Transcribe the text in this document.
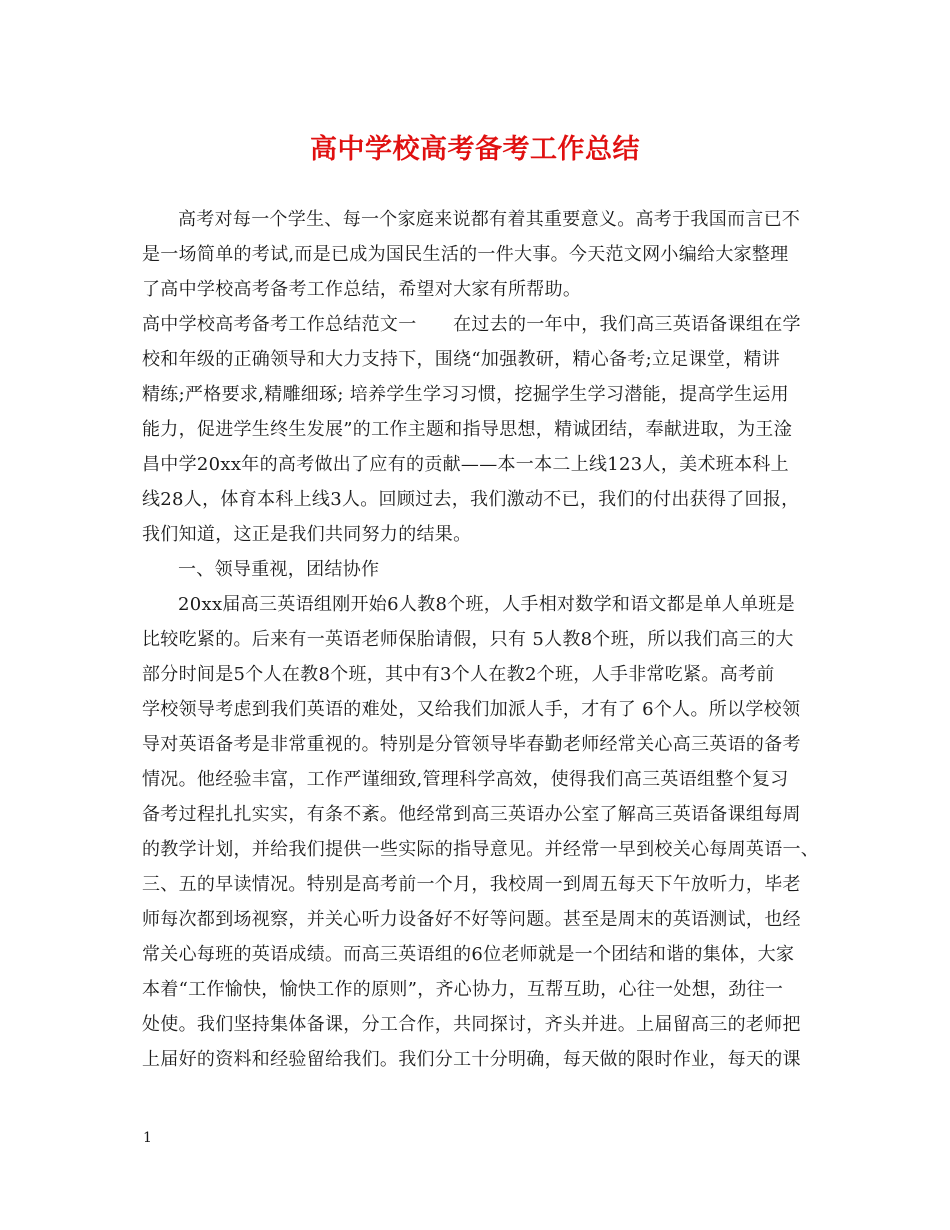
高中学校高考备考工作总结
高考对每一个学生、每一个家庭来说都有着其重要意义。高考于我国而言已不
是一场简单的考试,而是已成为国民生活的一件大事。今天范文网小编给大家整理
了高中学校高考备考工作总结，希望对大家有所帮助。
高中学校高考备考工作总结范文一　　在过去的一年中，我们高三英语备课组在学
校和年级的正确领导和大力支持下，围绕“加强教研，精心备考;立足课堂，精讲
精练;严格要求,精雕细琢; 培养学生学习习惯，挖掘学生学习潜能，提高学生运用
能力，促进学生终生发展”的工作主题和指导思想，精诚团结，奉献进取，为王淦
昌中学20xx年的高考做出了应有的贡献——本一本二上线123人，美术班本科上
线28人，体育本科上线3人。回顾过去，我们激动不已，我们的付出获得了回报，
我们知道，这正是我们共同努力的结果。
一、领导重视，团结协作
20xx届高三英语组刚开始6人教8个班，人手相对数学和语文都是单人单班是
比较吃紧的。后来有一英语老师保胎请假，只有 5人教8个班，所以我们高三的大
部分时间是5个人在教8个班，其中有3个人在教2个班，人手非常吃紧。高考前
学校领导考虑到我们英语的难处，又给我们加派人手，才有了 6个人。所以学校领
导对英语备考是非常重视的。特别是分管领导毕春勤老师经常关心高三英语的备考
情况。他经验丰富，工作严谨细致,管理科学高效，使得我们高三英语组整个复习
备考过程扎扎实实，有条不紊。他经常到高三英语办公室了解高三英语备课组每周
的教学计划，并给我们提供一些实际的指导意见。并经常一早到校关心每周英语一、
三、五的早读情况。特别是高考前一个月，我校周一到周五每天下午放听力，毕老
师每次都到场视察，并关心听力设备好不好等问题。甚至是周末的英语测试，也经
常关心每班的英语成绩。而高三英语组的6位老师就是一个团结和谐的集体，大家
本着“工作愉快，愉快工作的原则”，齐心协力，互帮互助，心往一处想，劲往一
处使。我们坚持集体备课，分工合作，共同探讨，齐头并进。上届留高三的老师把
上届好的资料和经验留给我们。我们分工十分明确，每天做的限时作业，每天的课
1
